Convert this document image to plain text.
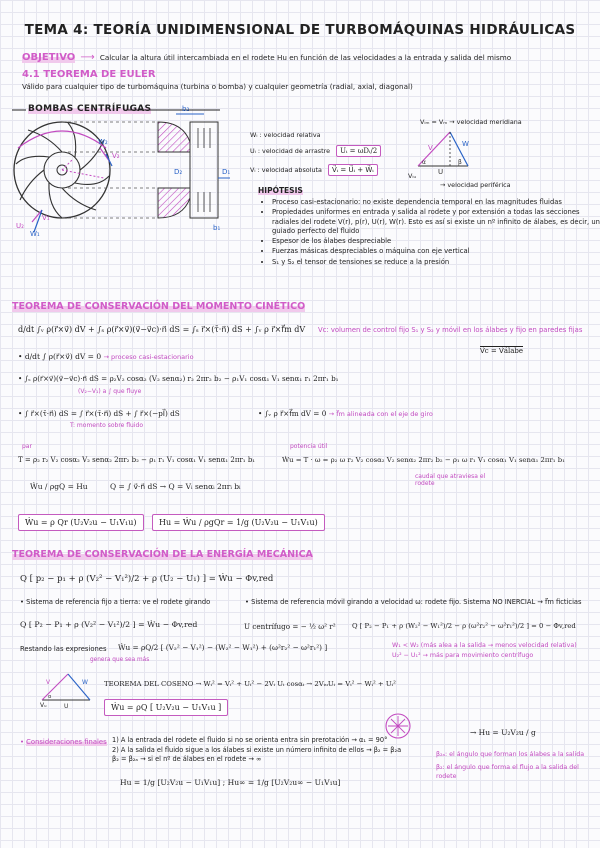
TEMA 4: TEORÍA UNIDIMENSIONAL DE TURBOMÁQUINAS HIDRÁULICAS
OBJETIVO ⟶ Calcular la altura útil intercambiada en el rodete Hu en función de las velocidades a la entrada y salida del mismo
4.1 TEOREMA DE EULER
Válido para cualquier tipo de turbomáquina (turbina o bomba) y cualquier geometría (radial, axial, diagonal)
BOMBAS CENTRÍFUGAS
U₂
W₁
W₂
V₂
V₁
b₂
b₁
D₂	D₁
Wᵢ : velocidad relativa
Uᵢ : velocidad de arrastre Uᵢ = ωDᵢ/2
Vᵢ : velocidad absoluta V⃗ᵢ = U⃗ᵢ + W⃗ᵢ
Vᵢₘ = Vₘ → velocidad meridiana
V	W
U
α	β
Vᵢᵤ
→ velocidad periférica
HIPÓTESIS
• Proceso casi-estacionario: no existe dependencia temporal en las magnitudes fluidas
• Propiedades uniformes en entrada y salida al rodete y por extensión a todas las secciones radiales del rodete V(r), p(r), U(r), W(r). Esto es así si existe un nº infinito de álabes, es decir, un guiado perfecto del fluido
• Espesor de los álabes despreciable
• Fuerzas másicas despreciables o máquina con eje vertical
• S₁ y S₂ el tensor de tensiones se reduce a la presión
TEOREMA DE CONSERVACIÓN DEL MOMENTO CINÉTICO
d/dt ∫ᵥ ρ(r⃗×v⃗) dV + ∫ₛ ρ(r⃗×v⃗)(v⃗−v⃗c)·n⃗ dS = ∫ₛ r⃗×(τ̄·n⃗) dS + ∫ᵥ ρ r⃗×f⃗m dV Vc: volumen de control fijo S₁ y S₂ y móvil en los álabes y fijo en paredes fijas
V⃗c = V⃗álabe
• d/dt ∫ ρ(r⃗×v⃗) dV = 0 → proceso casi-estacionario
• ∫ₛ ρ(r⃗×v⃗)(v⃗−v⃗c)·n⃗ dS = ρ₂V₂ cosα₂ (V₂ senα₂) r₂ 2πr₂ b₂ − ρ₁V₁ cosα₁ V₁ senα₁ r₁ 2πr₁ b₁
(V₂−V₁) a ∫ que fluye
• ∫ r⃗×(τ̄·n⃗) dS = ∫ r⃗×(τ̄·n⃗) dS + ∫ r⃗×(−pI⃗) dS
T: momento sobre fluido
• ∫ᵥ ρ r⃗×f⃗m dV = 0 → f⃗m alineada con el eje de giro
par
T = ρ₂ r₂ V₂ cosα₂ V₂ senα₂ 2πr₂ b₂ − ρ₁ r₁ V₁ cosα₁ V₁ senα₁ 2πr₁ b₁
potencia útil
Ẇu = T · ω = ρ₂ ω r₂ V₂ cosα₂ V₂ senα₂ 2πr₂ b₂ − ρ₁ ω r₁ V₁ cosα₁ V₁ senα₁ 2πr₁ b₁
caudal que atraviesa el rodete
Ẇu / ρgQ = Hu	Q = ∫ v⃗·n⃗ dS → Q = Vᵢ senαᵢ 2πrᵢ bᵢ
Ẇu = ρ Qr (U₂V₂u − U₁V₁u)	Hu = Ẇu / ρgQr = 1/g (U₂V₂u − U₁V₁u)
TEOREMA DE CONSERVACIÓN DE LA ENERGÍA MECÁNICA
Q [ p₂ − p₁ + ρ (V₂² − V₁²)/2 + ρ (U₂ − U₁) ] = Ẇu − Φv,red
• Sistema de referencia fijo a tierra: ve el rodete girando	• Sistema de referencia móvil girando a velocidad ω: rodete fijo. Sistema NO INERCIAL → f⃗m ficticias
Q [ P₂ − P₁ + ρ (V₂² − V₁²)/2 ] = Ẇu − Φv,red	U centrífugo = − ½ ω² r² Q [ P₂ − P₁ + ρ (W₂² − W₁²)/2 − ρ (ω²r₂² − ω²r₁²)/2 ] = 0 − Φv,red
Restando las expresiones Ẇu = ρQ/2 [ (V₂² − V₁²) − (W₂² − W₁²) + (ω²r₂² − ω²r₁²) ]
genera que sea más
W₁ < W₂ (más alea a la salida → menos velocidad relativa)
U₂² − U₁² → más para movimiento centrífugo
V	W
U
α
Vᵤ
TEOREMA DEL COSENO → Wᵢ² = Vᵢ² + Uᵢ² − 2Vᵢ Uᵢ cosαᵢ → 2VᵢᵤUᵢ = Vᵢ² − Wᵢ² + Uᵢ²
Ẇu = ρQ [ U₂V₂u − U₁V₁u ]
• Consideraciones finales 1) A la entrada del rodete el fluido si no se orienta entra sin prerotación → α₁ = 90°
2) A la salida el fluido sigue a los álabes si existe un número infinito de ellos → β₂ = β₂a
β₂ = β₂ₐ → si el nº de álabes en el rodete → ∞
→ Hu = U₂V₂u / g
β₂ₐ: el ángulo que forman los álabes a la salida
β₂: el ángulo que forma el flujo a la salida del rodete
Hu = 1/g [U₂V₂u − U₁V₁u] ; Hu∞ = 1/g [U₂V₂u∞ − U₁V₁u]
